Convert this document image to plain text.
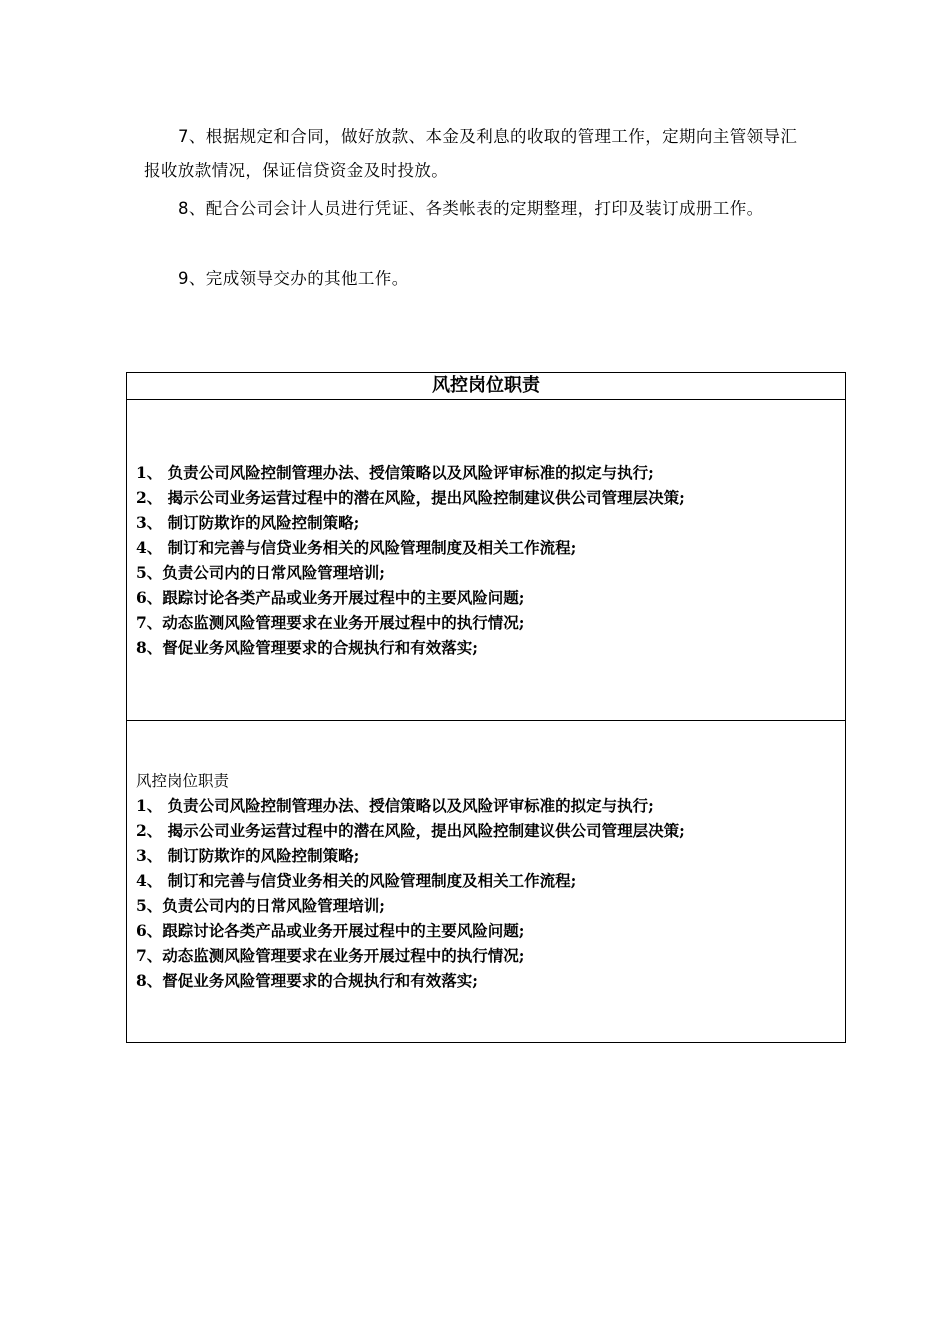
7、根据规定和合同，做好放款、本金及利息的收取的管理工作，定期向主管领导汇报收放款情况，保证信贷资金及时投放。

8、配合公司会计人员进行凭证、各类帐表的定期整理，打印及装订成册工作。

9、完成领导交办的其他工作。

风控岗位职责
1、 负责公司风险控制管理办法、授信策略以及风险评审标准的拟定与执行;
2、 揭示公司业务运营过程中的潜在风险，提出风险控制建议供公司管理层决策;
3、 制订防欺诈的风险控制策略;
4、 制订和完善与信贷业务相关的风险管理制度及相关工作流程;
5、负责公司内的日常风险管理培训;
6、跟踪讨论各类产品或业务开展过程中的主要风险问题;
7、动态监测风险管理要求在业务开展过程中的执行情况;
8、督促业务风险管理要求的合规执行和有效落实;
风控岗位职责
1、 负责公司风险控制管理办法、授信策略以及风险评审标准的拟定与执行;
2、 揭示公司业务运营过程中的潜在风险，提出风险控制建议供公司管理层决策;
3、 制订防欺诈的风险控制策略;
4、 制订和完善与信贷业务相关的风险管理制度及相关工作流程;
5、负责公司内的日常风险管理培训;
6、跟踪讨论各类产品或业务开展过程中的主要风险问题;
7、动态监测风险管理要求在业务开展过程中的执行情况;
8、督促业务风险管理要求的合规执行和有效落实;
